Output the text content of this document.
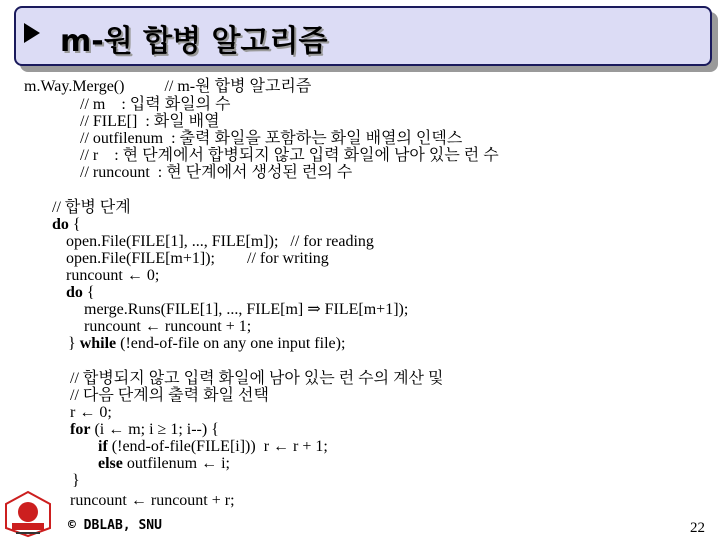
m-원 합병 알고리즘
m.Way.Merge()          // m-원 합병 알고리즘
// m    : 입력 화일의 수
// FILE[]  : 화일 배열
// outfilenum  : 출력 화일을 포함하는 화일 배열의 인덱스
// r    : 현 단계에서 합병되지 않고 입력 화일에 남아 있는 런 수
// runcount  : 현 단계에서 생성된 런의 수
// 합병 단계
do {
open.File(FILE[1], ..., FILE[m]);   // for reading
open.File(FILE[m+1]);        // for writing
runcount ← 0;
do {
merge.Runs(FILE[1], ..., FILE[m] ⇒ FILE[m+1]);
runcount ← runcount + 1;
} while (!end-of-file on any one input file);
// 합병되지 않고 입력 화일에 남아 있는 런 수의 계산 및
// 다음 단계의 출력 화일 선택
r ← 0;
for (i ← m; i ≥ 1; i--) {
if (!end-of-file(FILE[i]))  r ← r + 1;
else outfilenum ← i;
}
runcount ← runcount + r;
© DBLAB, SNU	22
